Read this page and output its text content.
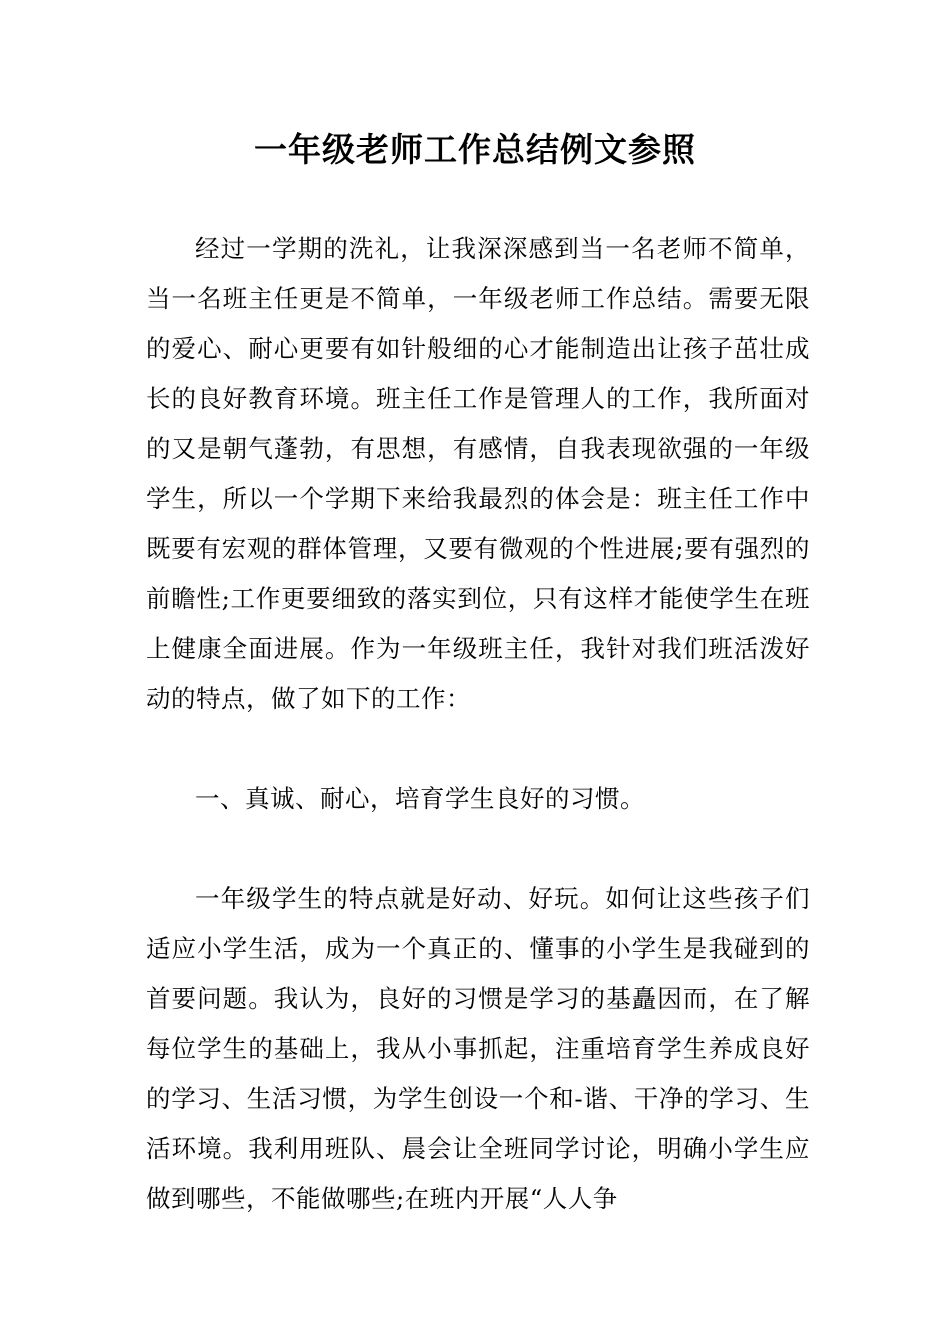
一年级老师工作总结例文参照

经过一学期的洗礼，让我深深感到当一名老师不简单，当一名班主任更是不简单，一年级老师工作总结。需要无限的爱心、耐心更要有如针般细的心才能制造出让孩子茁壮成长的良好教育环境。班主任工作是管理人的工作，我所面对的又是朝气蓬勃，有思想，有感情，自我表现欲强的一年级学生，所以一个学期下来给我最烈的体会是：班主任工作中既要有宏观的群体管理，又要有微观的个性进展;要有强烈的前瞻性;工作更要细致的落实到位，只有这样才能使学生在班上健康全面进展。作为一年级班主任，我针对我们班活泼好动的特点，做了如下的工作：

一、真诚、耐心，培育学生良好的习惯。

一年级学生的特点就是好动、好玩。如何让这些孩子们适应小学生活，成为一个真正的、懂事的小学生是我碰到的首要问题。我认为，良好的习惯是学习的基矗因而，在了解每位学生的基础上，我从小事抓起，注重培育学生养成良好的学习、生活习惯，为学生创设一个和-谐、干净的学习、生活环境。我利用班队、晨会让全班同学讨论，明确小学生应做到哪些，不能做哪些;在班内开展“人人争
